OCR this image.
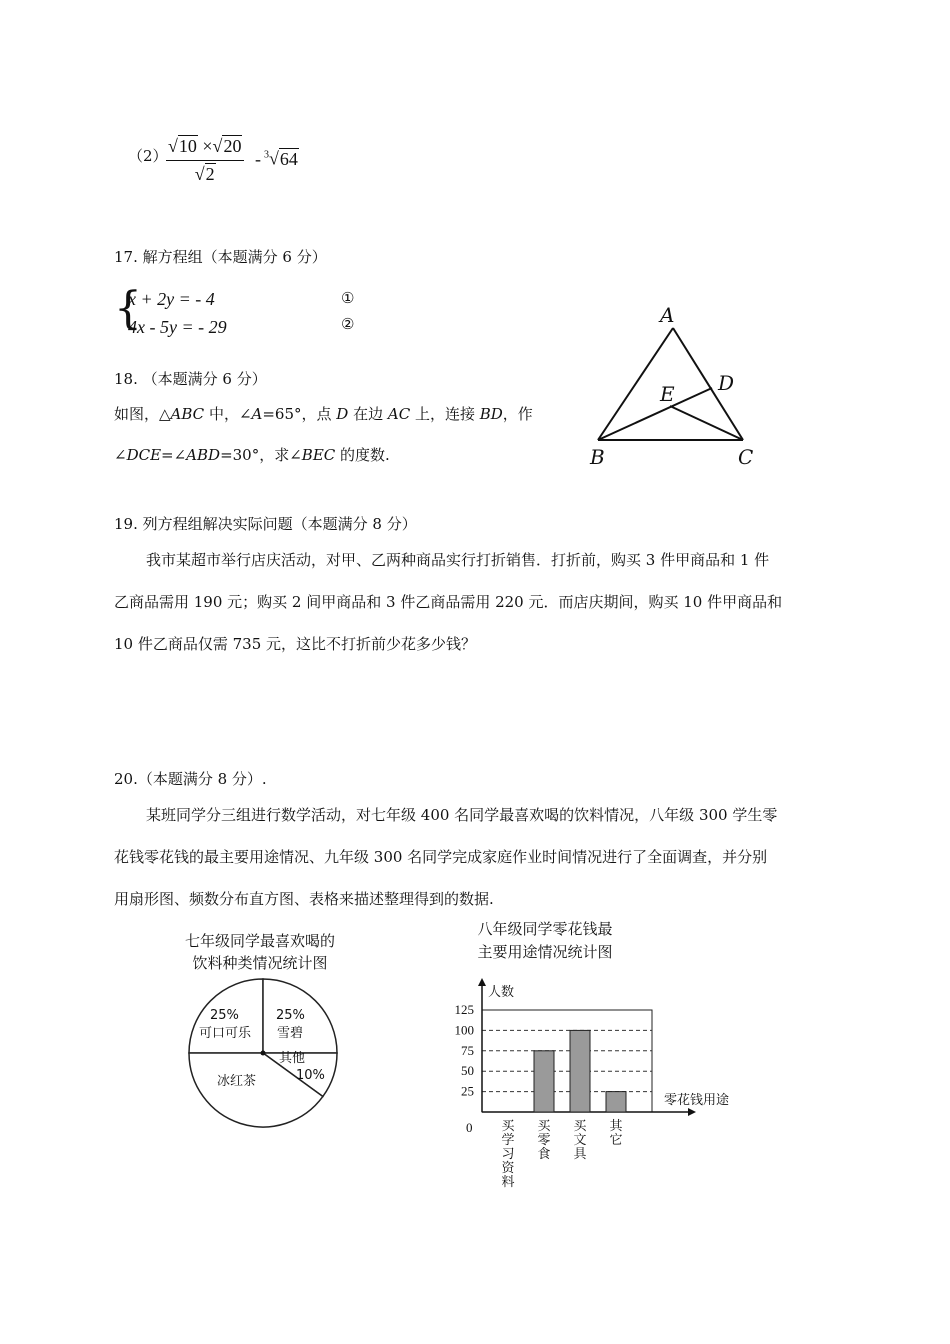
（2）
$\frac{√10 \times√20}{√2} - ^3√64$
17. 解方程组（本题满分 6 分）
{
x + 2y = - 4
4x - 5y = - 29
①
②
18. （本题满分 6 分）
如图，△ABC 中，∠A=65°，点 D 在边 AC 上，连接 BD，作
∠DCE=∠ABD=30°，求∠BEC 的度数.
A
B	C
D
E
19. 列方程组解决实际问题（本题满分 8 分）
我市某超市举行店庆活动，对甲、乙两种商品实行打折销售．打折前，购买 3 件甲商品和 1 件
乙商品需用 190 元；购买 2 间甲商品和 3 件乙商品需用 220 元．而店庆期间，购买 10 件甲商品和
10 件乙商品仅需 735 元，这比不打折前少花多少钱？
20.（本题满分 8 分）.
某班同学分三组进行数学活动，对七年级 400 名同学最喜欢喝的饮料情况，八年级 300 学生零
花钱零花钱的最主要用途情况、九年级 300 名同学完成家庭作业时间情况进行了全面调查，并分别
用扇形图、频数分布直方图、表格来描述整理得到的数据.
七年级同学最喜欢喝的
饮料种类情况统计图
25%
可口可乐
25%
雪碧
其他
10%
冰红茶
八年级同学零花钱最
主要用途情况统计图
25
50
75
100
125
0
人数
零花钱用途
买
学
习
资
料
买
零
食
买
文
具
其
它
